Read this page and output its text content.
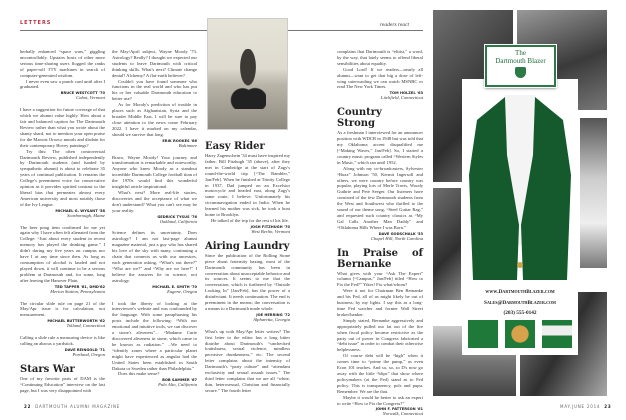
LETTERS	readers react

herbally enhanced “space wars,” giggling uncontrollably. Upstairs hosts of other more serious time-sharing users flogged the ranks of paper-roll TTY machines in search of computer-generated wisdom.

I never even saw a punch card until after I graduated.

BRUCE WESTCOTT '70
Cabot, Vermont

I have a suggestion for future coverage of that which we alumni value highly. How about a fair and balanced caption for The Dartmouth Review rather than what you wrote about the shanty shard, not to mention your open praise for the Marxist Orozco murals and disdain for their contemporary Hovey paintings?

Try this: The often controversial Dartmouth Review, published independently by Dartmouth students (and funded by sympathetic alumni) is about to celebrate 35 years of continual publication. It remains the College's preeminent voice for conservative opinion as it provides spirited contrast to the liberal bias that permeates almost every American university and most notably those of the Ivy League.

MICHAEL G. WYSANT '58
Scarborough, Maine

The beer pong item confirmed for me yet again why I have often felt alienated from the College: “Just about every student in recent memory has played the drinking game.” I didn't during my five years on campus nor have I at any time since then. As long as consumption of alcohol is lauded and not played down, it will continue to be a serious problem at Dartmouth and, for some, long after leaving the Hanover Plain.

TED TAPPER '61, DMD'62
Merion Station, Pennsylvania

The circular slide rule on page 21 of the May/Apr issue is for calculation, not measurement.

MICHAEL BUTTERWORTH '62
Tolland, Connecticut

Calling a slide rule a measuring device is like calling an abacus a yardstick.

DAVE REINGOLD '71
Portland, Oregon
Stars War

One of my favorite parts of DAM is the “Continuing Education” interview on the last page, but I was very disappointed with

the May/April subject, Wayne Moody '73. Astrology? Really? I thought we expected our students to leave Dartmouth with critical thinking skills. What's next? Climate change denial? Alchemy? A flat-earth believer?

Couldn't you have found someone who functions in the real world and who has put his or her valuable Dartmouth education to better use?

As for Moody's prediction of trouble in places such as Afghanistan, Syria and the broader Middle East, I will be sure to pay close attention to the news come February 2022. I have it marked on my calendar, should we survive that long.

ERIK ROOKES '86
Baltimore

Bravo, Wayne Moody! Your journey and transformation is remarkable and noteworthy. Anyone who knew Moody as a standout incredible Dartmouth College football titan of the 1970s would find this wonderful insightful article inspirational.

What's next? More real-life stories, discoveries and the acceptance of what we don't understand? What you can't see may be your reality.

GEDRICK TYSUS '76
Oakland, California

Science defines its uncertainty. Does astrology? I am not last-page alumni magazine material, just a guy who has shared his love of the sky with many, continuing a chain that connects us with our ancestors, each generation asking, “What's out there?” “Who are we?” and “Why are we here?” I believe the answers lie in science, not astrology.

MICHAEL E. SMITH '70
Eugene, Oregon

I took the liberty of looking at the interviewee's website and was confounded by the language. With some paraphrasing his posts include the following: “With our emotional and intuitive tools, we can discover a stone's aliveness”... “Madame Curie discovered aliveness in stone, which came to be known as radiation.” ...We need to “identify zones where a particular planet might have experienced as angular had the United States been established in South Dakota or Sweden rather than Philadelphia.”

Does this make sense?

BOB SAMMER '67
Palo Alto, California
Easy Rider

Harry Zagenschein '34 must have inspired my father, Bill Fitzhugh '35 (above), after they met in Cambridge at the start of Zagy's round-the-world trip [“The Rambler,” Jan/Feb]. When he finished at Trinity College in 1937, Dad jumped on an Excelsior motorcycle and headed east, along Zagy's same route, I believe. Unfortunately his circumnavigation ended in India. When he learned his mother was sick, he took a boat home to Brooklyn.

He talked of the trip for the rest of his life.

JOSH FITZHUGH '70
West Berlin, Vermont
Airing Laundry

Since the publication of the Rolling Stone piece about fraternity hazing, most of the Dartmouth community has been in conversation about unacceptable behavior and its sources. It seems to me that the conversation, which is furthered by “Outside Looking In” [Jan/Feb], has the power of a disinfectant. It needs continuation. The end is preeminent in the means; the conversation is a means to a Dartmouth made whole.

JOE HERRING '72
Alpharetta, Georgia

What's up with May/Apr letter writers? The first letter to the editor has a long bitter diatribe about Dartmouth's “unchecked loutishness, sexual violence, mindless pervasive drunkenness,” etc. The second letter complains about the intensity of Dartmouth's “party culture” and “attendant exclusivity and sexual assault issues.” The third letter complains that we are all “white, thin, heterosexual, Christian and financially secure.” The fourth letter

complains that Dartmouth is “elitist,” a word, by the way, that lately seems to offend liberal sensibilities about equality.

Good Lord! If we readers—nearly all alumni—want to get that big a dose of left-wing caterwauling we can watch MSNBC or read The New York Times.

TOM HOLZEL '63
Litchfield, Connecticut
Country Strong

As a freshman I interviewed for an announcer position with WDCR in 1948 but was told that my Oklahoma accent disqualified me [“Making Waves,” Jan/Feb]. So, I started a country music program called “Western Styles in Music,” which ran until 1952.

Along with my co-broadcasters, Sylvester “Buzz” Johnson '50, Kermit Ingersoll and others, we were country before country was popular, playing lots of Merle Travis, Woody Guthrie and Pete Seeger. Our listeners have consisted of the few Dartmouth students from the West and Southwest who thrilled to the sound of our theme song, “Steel Guitar Rag,” and requested such country classics as “My Gal Calls Another Man Daddy” and “Oklahoma Hills Where I was Born.”

DAVE GODSCHALK '53
Chapel Hill, North Carolina
In Praise of Bernanke

What gives with your “Ask The Expert” column [“Campus,” Jan/Feb] titled “How to Fix the Fed?” Yikes! Fix what/whom?

Were it not for Chairman Ben Bernanke and his Fed, all of us might likely be out of business, by my lights. I say this as a long-time Fed watcher and former Wall Street broker/banker.

Simply stated, Bernanke aggressively and appropriately pulled our fat out of the fire when fiscal policy became restrictive as the party out of power in Congress fabricated a “debt issue” in order to combat their otherwise helplessness.

Of course debt will be “high” when it comes time to “prime the pump,” as even Econ 101 teaches. And so, so, so D's now go away with the little “blips” that show where policymakers (at the Fed) stand as to Fed policy. This is transparency, pols and pupu. Remember: We are the that.

Maybe it would be better to ask an expert to write “How to Fix the Congress?”

JOHN F. PATTERSON '61
Norwalk, Connecticut
The
Dartmouth Blazer
www.DartmouthBlazer.com
Sales@DarmouthBlazer.com
(203) 555-0142
22 DARTMOUTH ALUMNI MAGAZINE	MAY.JUNE 2014 23
